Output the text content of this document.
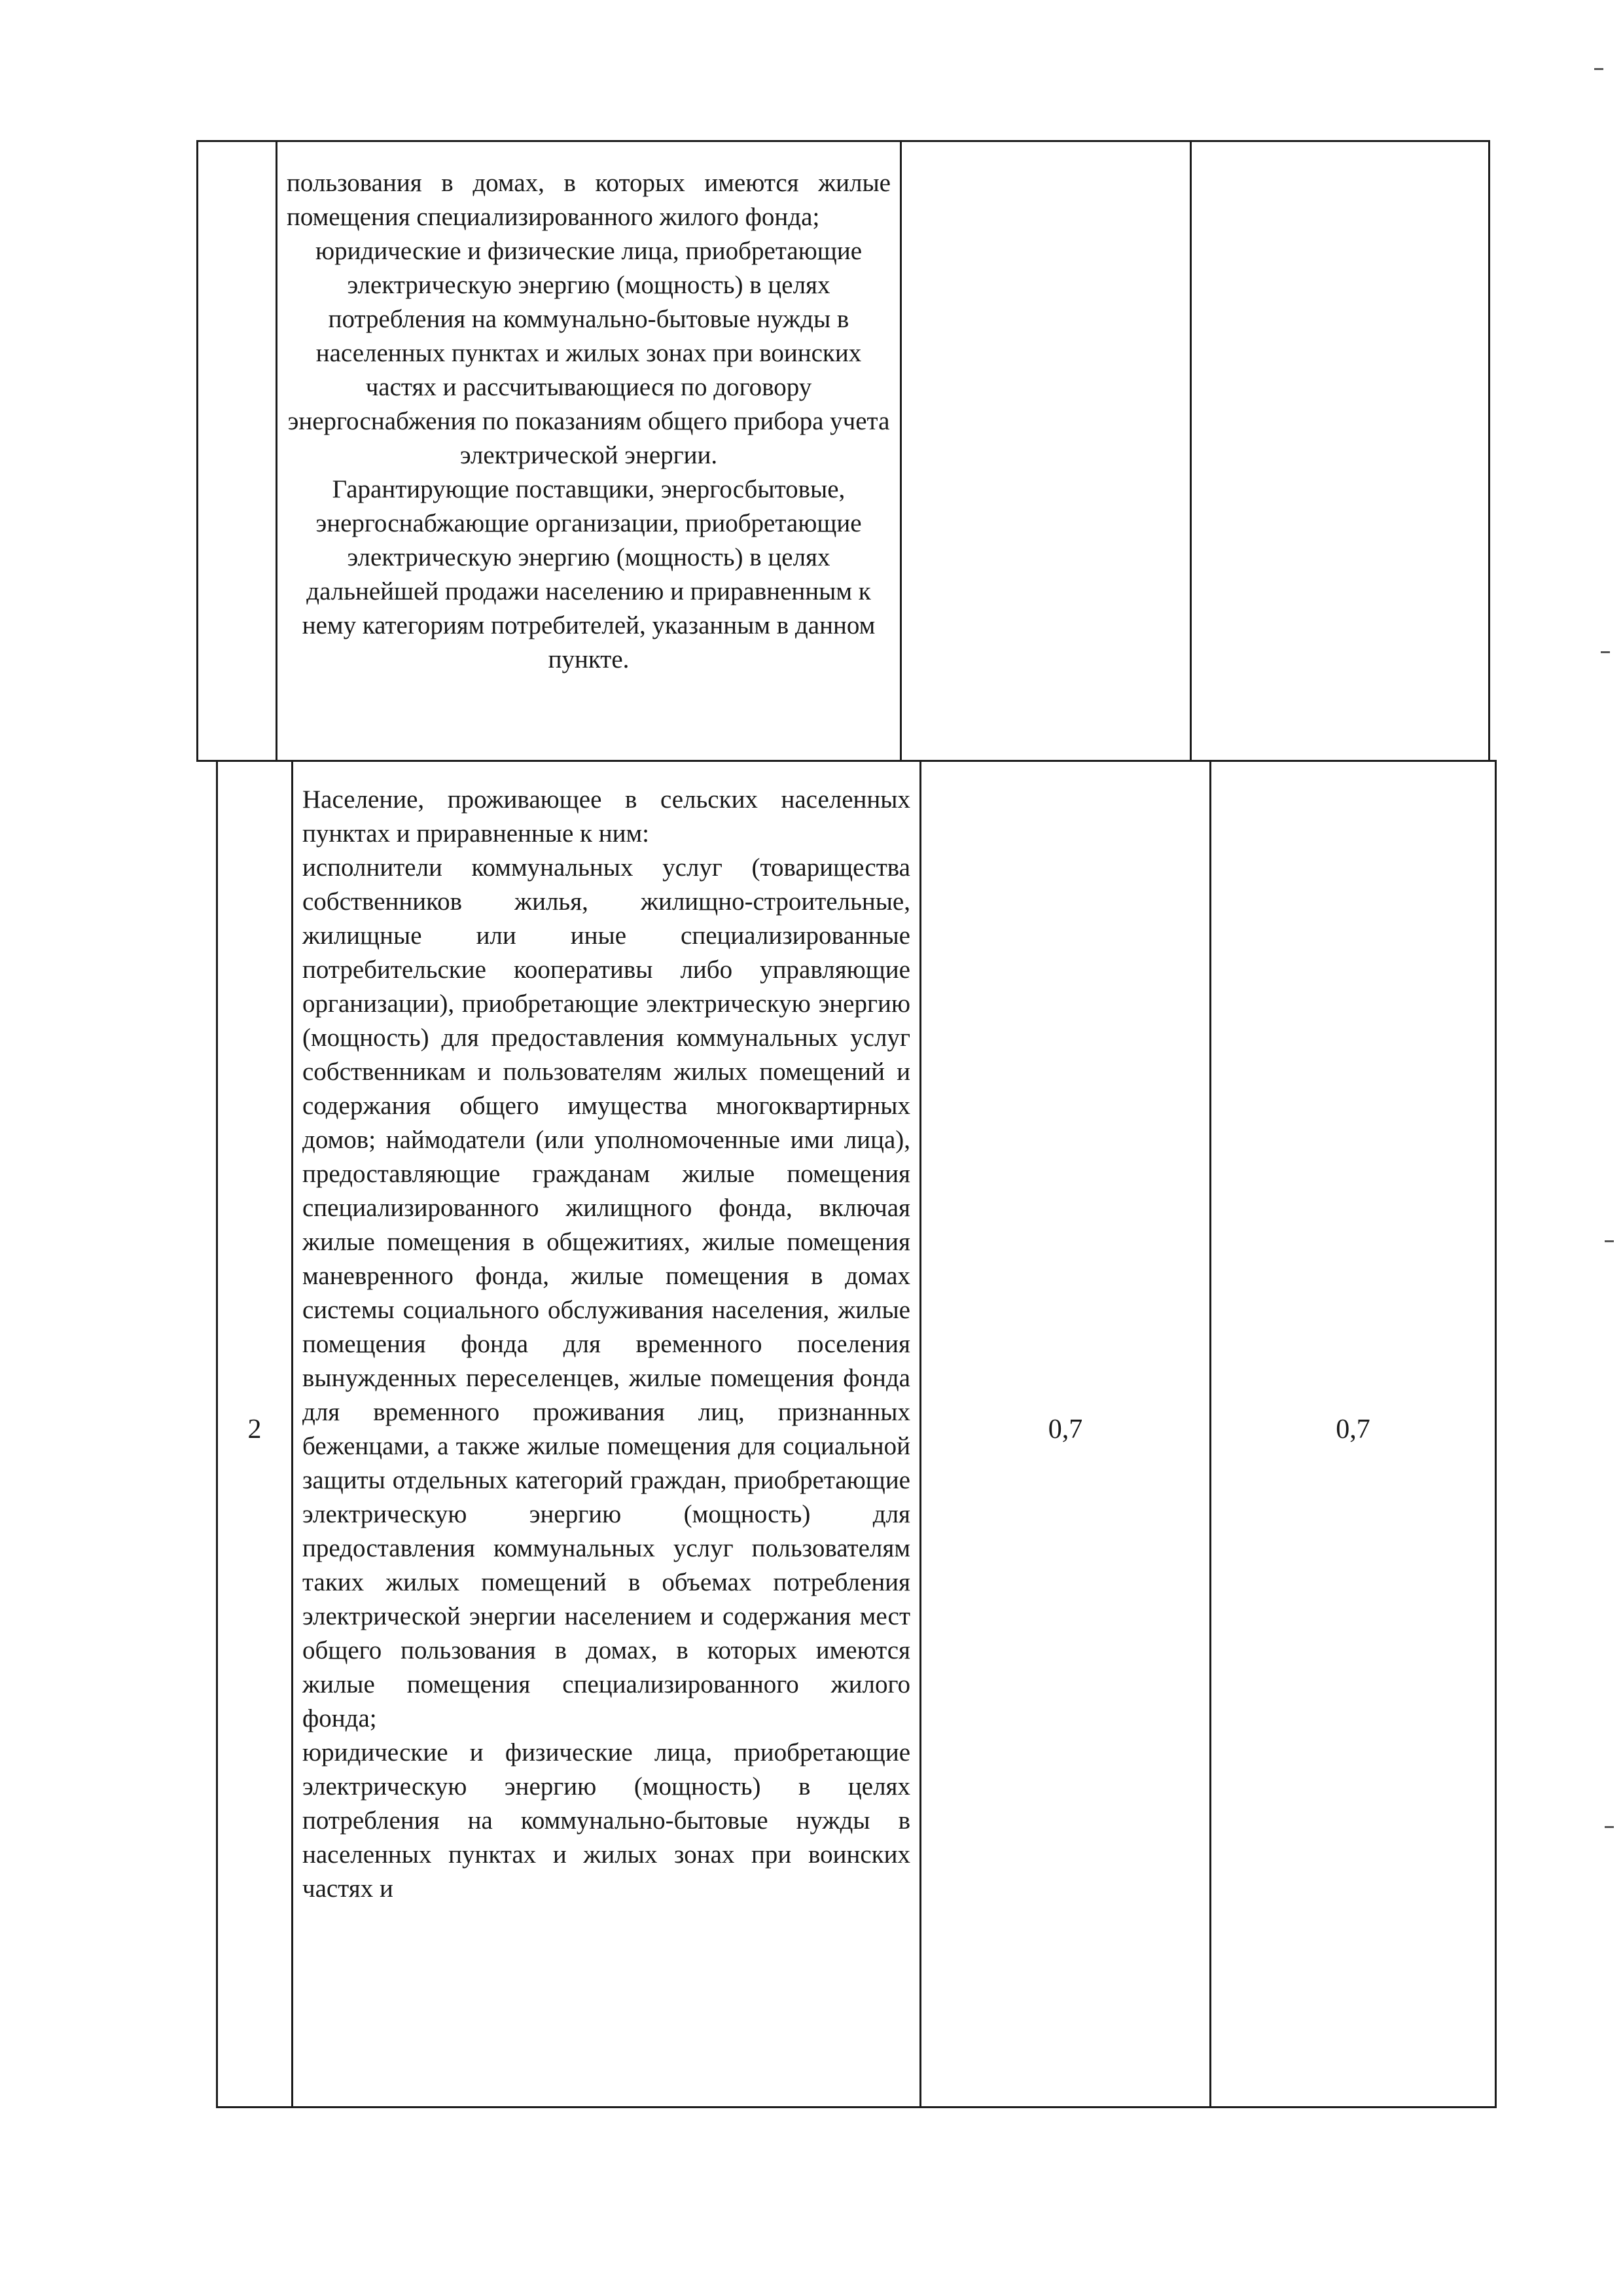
пользования в домах, в которых имеются жилые помещения специализированного жилого фонда;

юридические и физические лица, приобретающие электрическую энергию (мощность) в целях потребления на коммунально-бытовые нужды в населенных пунктах и жилых зонах при воинских частях и рассчитывающиеся по договору энергоснабжения по показаниям общего прибора учета электрической энергии.

Гарантирующие поставщики, энергосбытовые, энергоснабжающие организации, приобретающие электрическую энергию (мощность) в целях дальнейшей продажи населению и приравненным к нему категориям потребителей, указанным в данном пункте.

2

Население, проживающее в сельских населенных пунктах и приравненные к ним:

исполнители коммунальных услуг (товарищества собственников жилья, жилищно-строительные, жилищные или иные специализированные потребительские кооперативы либо управляющие организации), приобретающие электрическую энергию (мощность) для предоставления коммунальных услуг собственникам и пользователям жилых помещений и содержания общего имущества многоквартирных домов; наймодатели (или уполномоченные ими лица), предоставляющие гражданам жилые помещения специализированного жилищного фонда, включая жилые помещения в общежитиях, жилые помещения маневренного фонда, жилые помещения в домах системы социального обслуживания населения, жилые помещения фонда для временного поселения вынужденных переселенцев, жилые помещения фонда для временного проживания лиц, признанных беженцами, а также жилые помещения для социальной защиты отдельных категорий граждан, приобретающие электрическую энергию (мощность) для предоставления коммунальных услуг пользователям таких жилых помещений в объемах потребления электрической энергии населением и содержания мест общего пользования в домах, в которых имеются жилые помещения специализированного жилого фонда;

юридические и физические лица, приобретающие электрическую энергию (мощность) в целях потребления на коммунально-бытовые нужды в населенных пунктах и жилых зонах при воинских частях и

0,7	0,7
